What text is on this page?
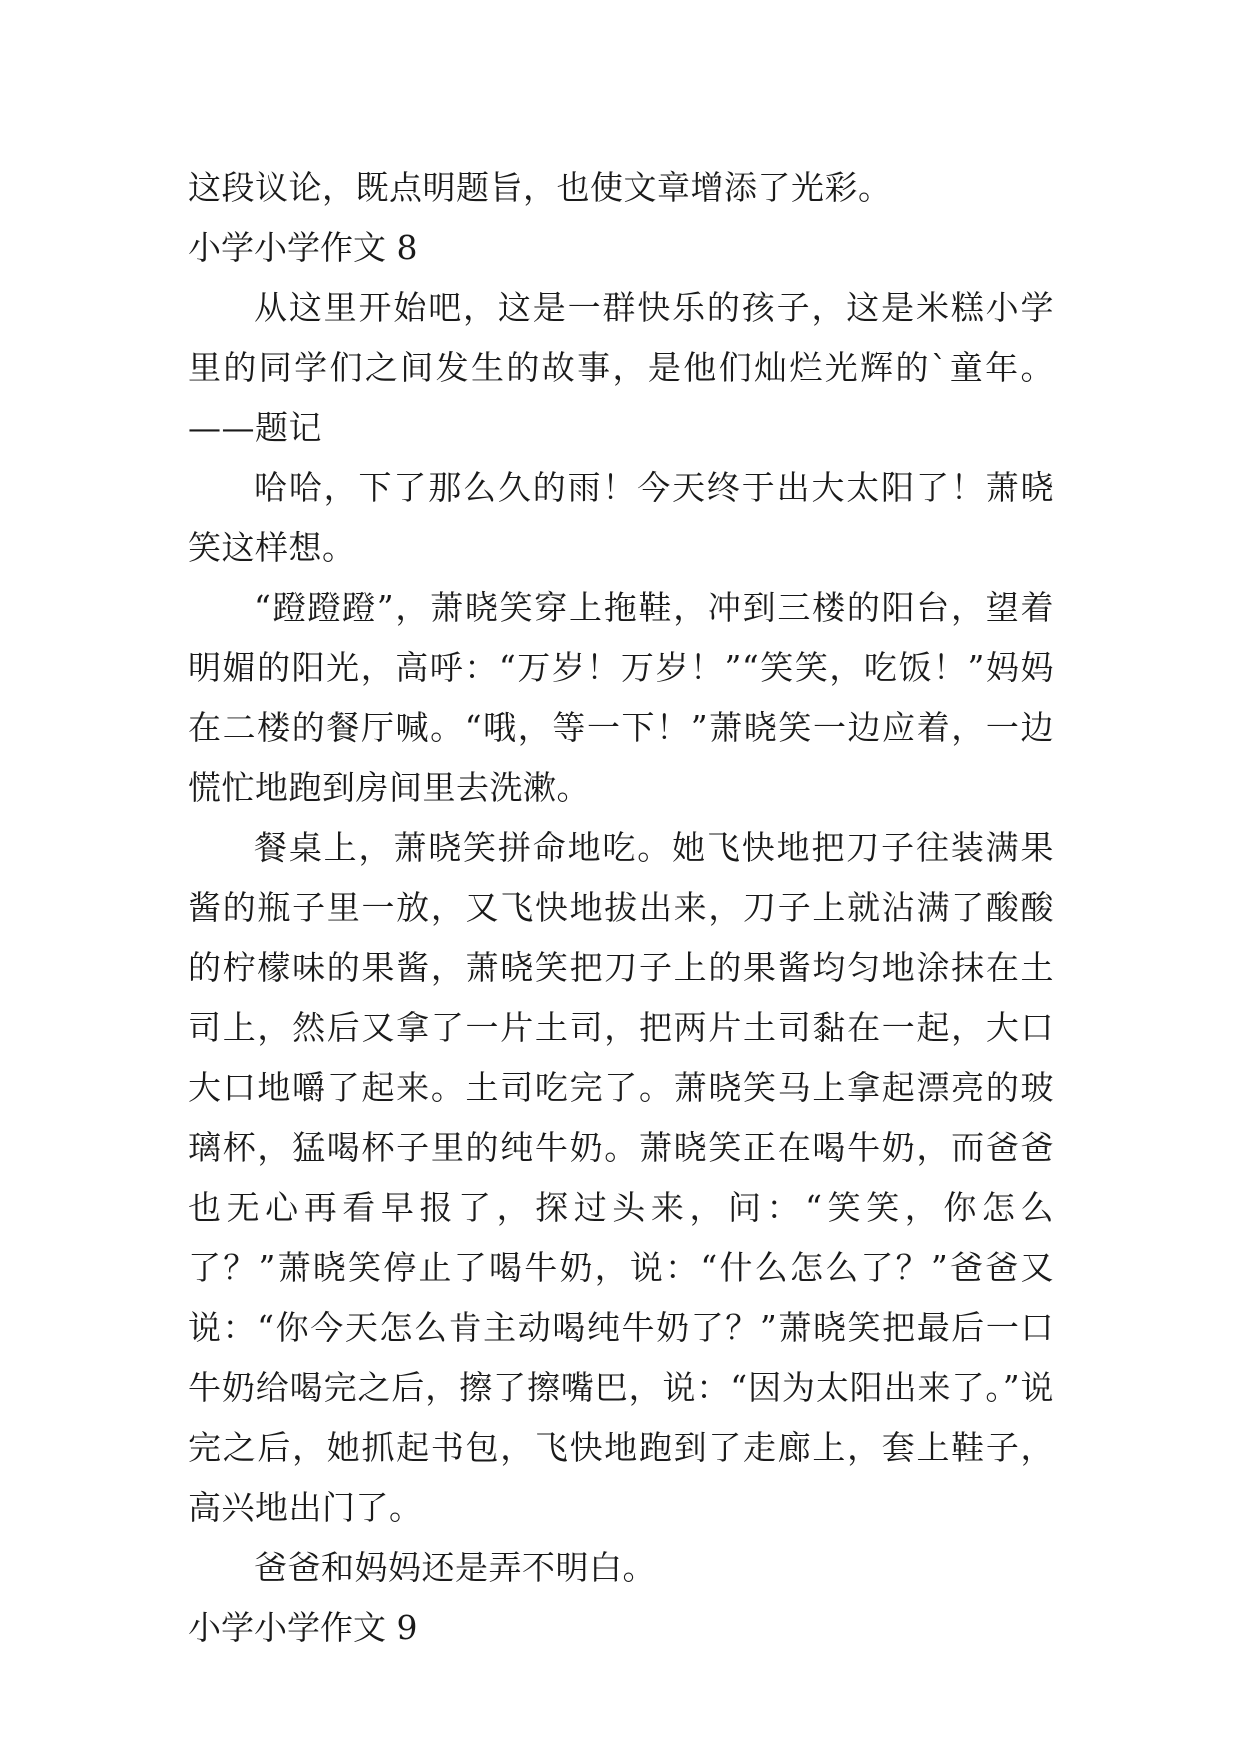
这段议论，既点明题旨，也使文章增添了光彩。

小学小学作文 8

从这里开始吧，这是一群快乐的孩子，这是米糕小学里的同学们之间发生的故事，是他们灿烂光辉的`童年。——题记

哈哈，下了那么久的雨！今天终于出大太阳了！萧晓笑这样想。

“蹬蹬蹬”，萧晓笑穿上拖鞋，冲到三楼的阳台，望着明媚的阳光，高呼：“万岁！万岁！”“笑笑，吃饭！”妈妈在二楼的餐厅喊。“哦，等一下！”萧晓笑一边应着，一边慌忙地跑到房间里去洗漱。

餐桌上，萧晓笑拼命地吃。她飞快地把刀子往装满果酱的瓶子里一放，又飞快地拔出来，刀子上就沾满了酸酸的柠檬味的果酱，萧晓笑把刀子上的果酱均匀地涂抹在土司上，然后又拿了一片土司，把两片土司黏在一起，大口大口地嚼了起来。土司吃完了。萧晓笑马上拿起漂亮的玻璃杯，猛喝杯子里的纯牛奶。萧晓笑正在喝牛奶，而爸爸也无心再看早报了，探过头来，问：“笑笑，你怎么了？”萧晓笑停止了喝牛奶，说：“什么怎么了？”爸爸又说：“你今天怎么肯主动喝纯牛奶了？”萧晓笑把最后一口牛奶给喝完之后，擦了擦嘴巴，说：“因为太阳出来了。”说完之后，她抓起书包，飞快地跑到了走廊上，套上鞋子，高兴地出门了。

爸爸和妈妈还是弄不明白。

小学小学作文 9
